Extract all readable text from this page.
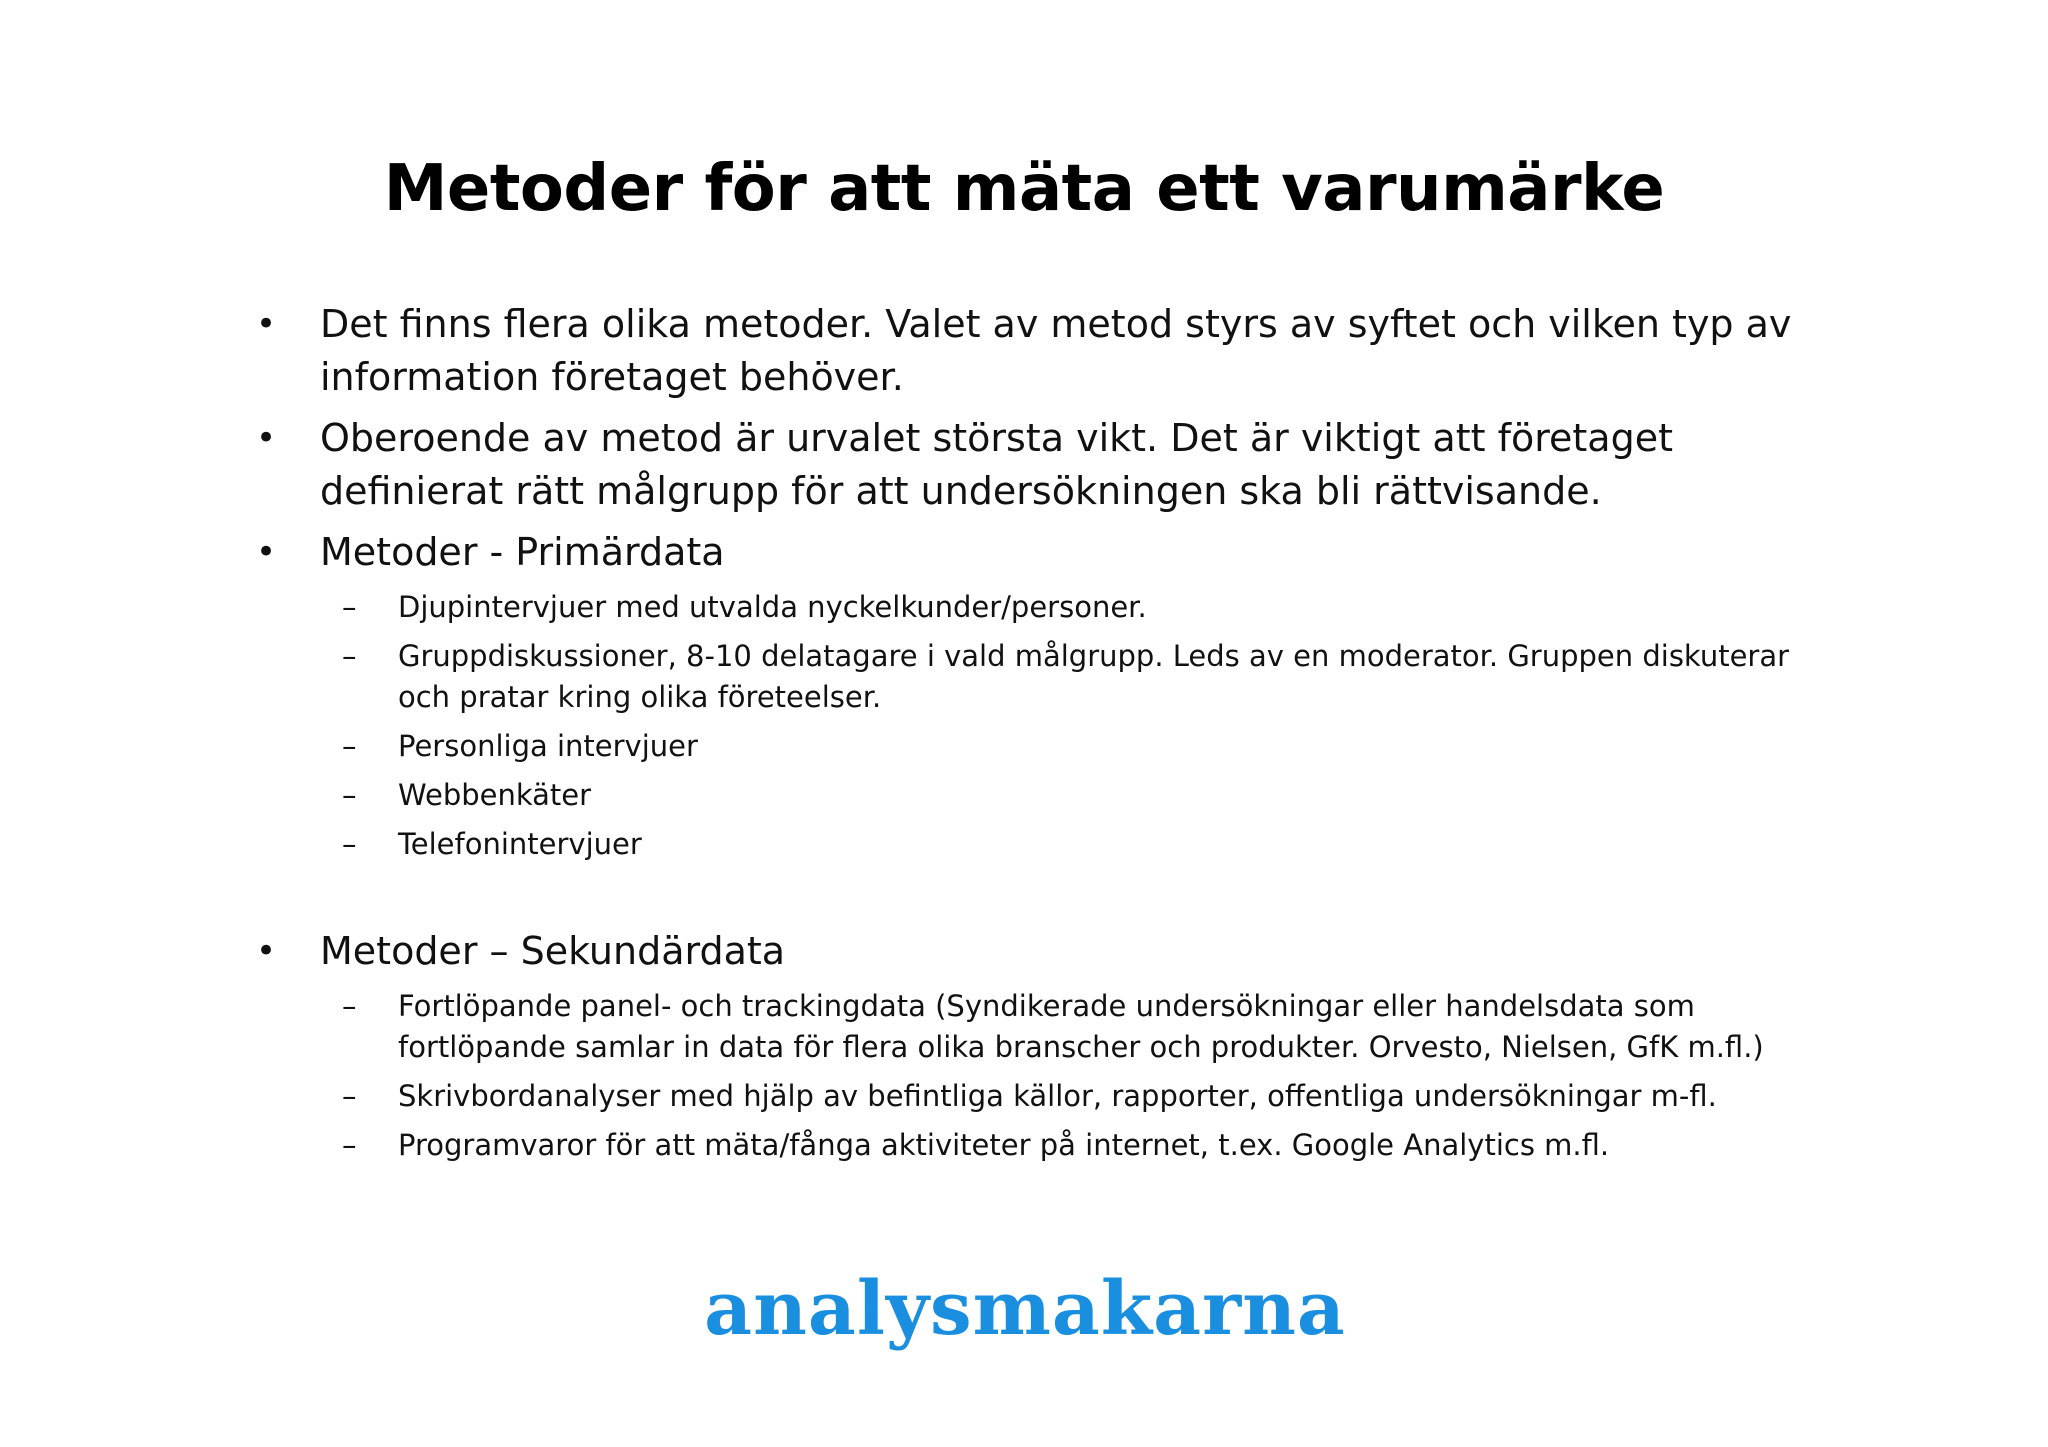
Metoder för att mäta ett varumärke
• Det finns flera olika metoder. Valet av metod styrs av syftet och vilken typ av information företaget behöver.
• Oberoende av metod är urvalet största vikt. Det är viktigt att företaget definierat rätt målgrupp för att undersökningen ska bli rättvisande.
• Metoder - Primärdata
– Djupintervjuer med utvalda nyckelkunder/personer.
– Gruppdiskussioner, 8-10 delatagare i vald målgrupp. Leds av en moderator. Gruppen diskuterar och pratar kring olika företeelser.
– Personliga intervjuer
– Webbenkäter
– Telefonintervjuer
• Metoder – Sekundärdata
– Fortlöpande panel- och trackingdata (Syndikerade undersökningar eller handelsdata som fortlöpande samlar in data för flera olika branscher och produkter. Orvesto, Nielsen, GfK m.fl.)
– Skrivbordanalyser med hjälp av befintliga källor, rapporter, offentliga undersökningar m-fl.
– Programvaror för att mäta/fånga aktiviteter på internet, t.ex. Google Analytics m.fl.
analysmakarna
